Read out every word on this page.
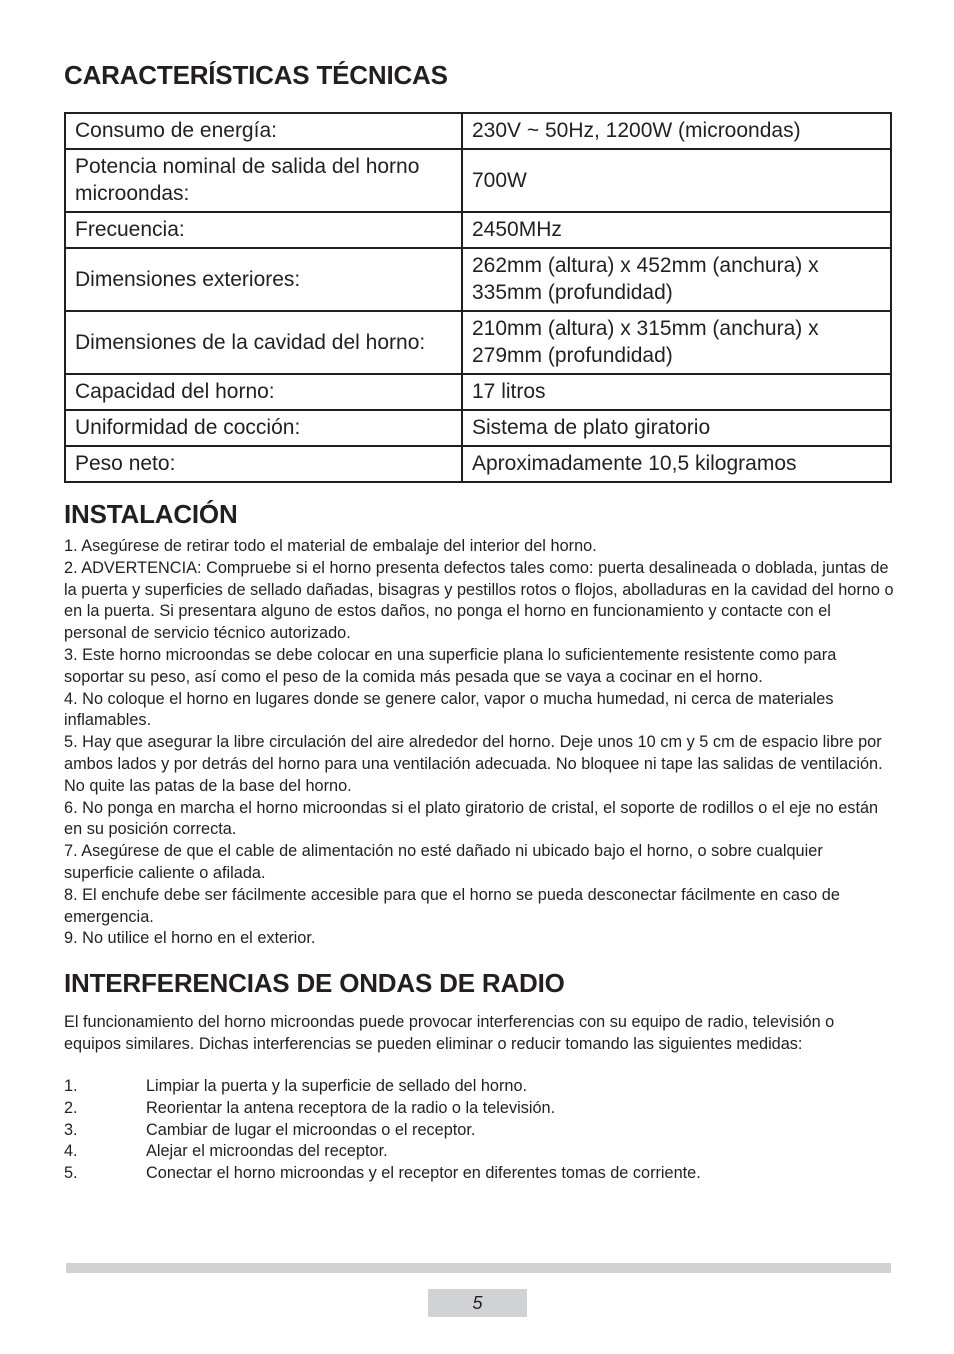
CARACTERÍSTICAS TÉCNICAS
Consumo de energía:	230V ~ 50Hz, 1200W (microondas)
Potencia nominal de salida del horno microondas:	700W
Frecuencia:	2450MHz
Dimensiones exteriores:	262mm (altura) x 452mm (anchura) x 335mm (profundidad)
Dimensiones de la cavidad del horno:	210mm (altura) x 315mm (anchura) x 279mm (profundidad)
Capacidad del horno:	17 litros
Uniformidad de cocción:	Sistema de plato giratorio
Peso neto:	Aproximadamente 10,5 kilogramos
INSTALACIÓN

1. Asegúrese de retirar todo el material de embalaje del interior del horno.

2. ADVERTENCIA: Compruebe si el horno presenta defectos tales como: puerta desalineada o doblada, juntas de la puerta y superficies de sellado dañadas, bisagras y pestillos rotos o flojos, abolladuras en la cavidad del horno o en la puerta. Si presentara alguno de estos daños, no ponga el horno en funcionamiento y contacte con el personal de servicio técnico autorizado.

3. Este horno microondas se debe colocar en una superficie plana lo suficientemente resistente como para soportar su peso, así como el peso de la comida más pesada que se vaya a cocinar en el horno.

4. No coloque el horno en lugares donde se genere calor, vapor o mucha humedad, ni cerca de materiales inflamables.

5. Hay que asegurar la libre circulación del aire alrededor del horno. Deje unos 10 cm y 5 cm de espacio libre por ambos lados y por detrás del horno para una ventilación adecuada. No bloquee ni tape las salidas de ventilación. No quite las patas de la base del horno.

6. No ponga en marcha el horno microondas si el plato giratorio de cristal, el soporte de rodillos o el eje no están en su posición correcta.

7. Asegúrese de que el cable de alimentación no esté dañado ni ubicado bajo el horno, o sobre cualquier superficie caliente o afilada.

8. El enchufe debe ser fácilmente accesible para que el horno se pueda desconectar fácilmente en caso de emergencia.

9. No utilice el horno en el exterior.

INTERFERENCIAS DE ONDAS DE RADIO

El funcionamiento del horno microondas puede provocar interferencias con su equipo de radio, televisión o equipos similares. Dichas interferencias se pueden eliminar o reducir tomando las siguientes medidas:

1.	Limpiar la puerta y la superficie de sellado del horno.
2.	Reorientar la antena receptora de la radio o la televisión.
3.	Cambiar de lugar el microondas o el receptor.
4.	Alejar el microondas del receptor.
5.	Conectar el horno microondas y el receptor en diferentes tomas de corriente.
5
